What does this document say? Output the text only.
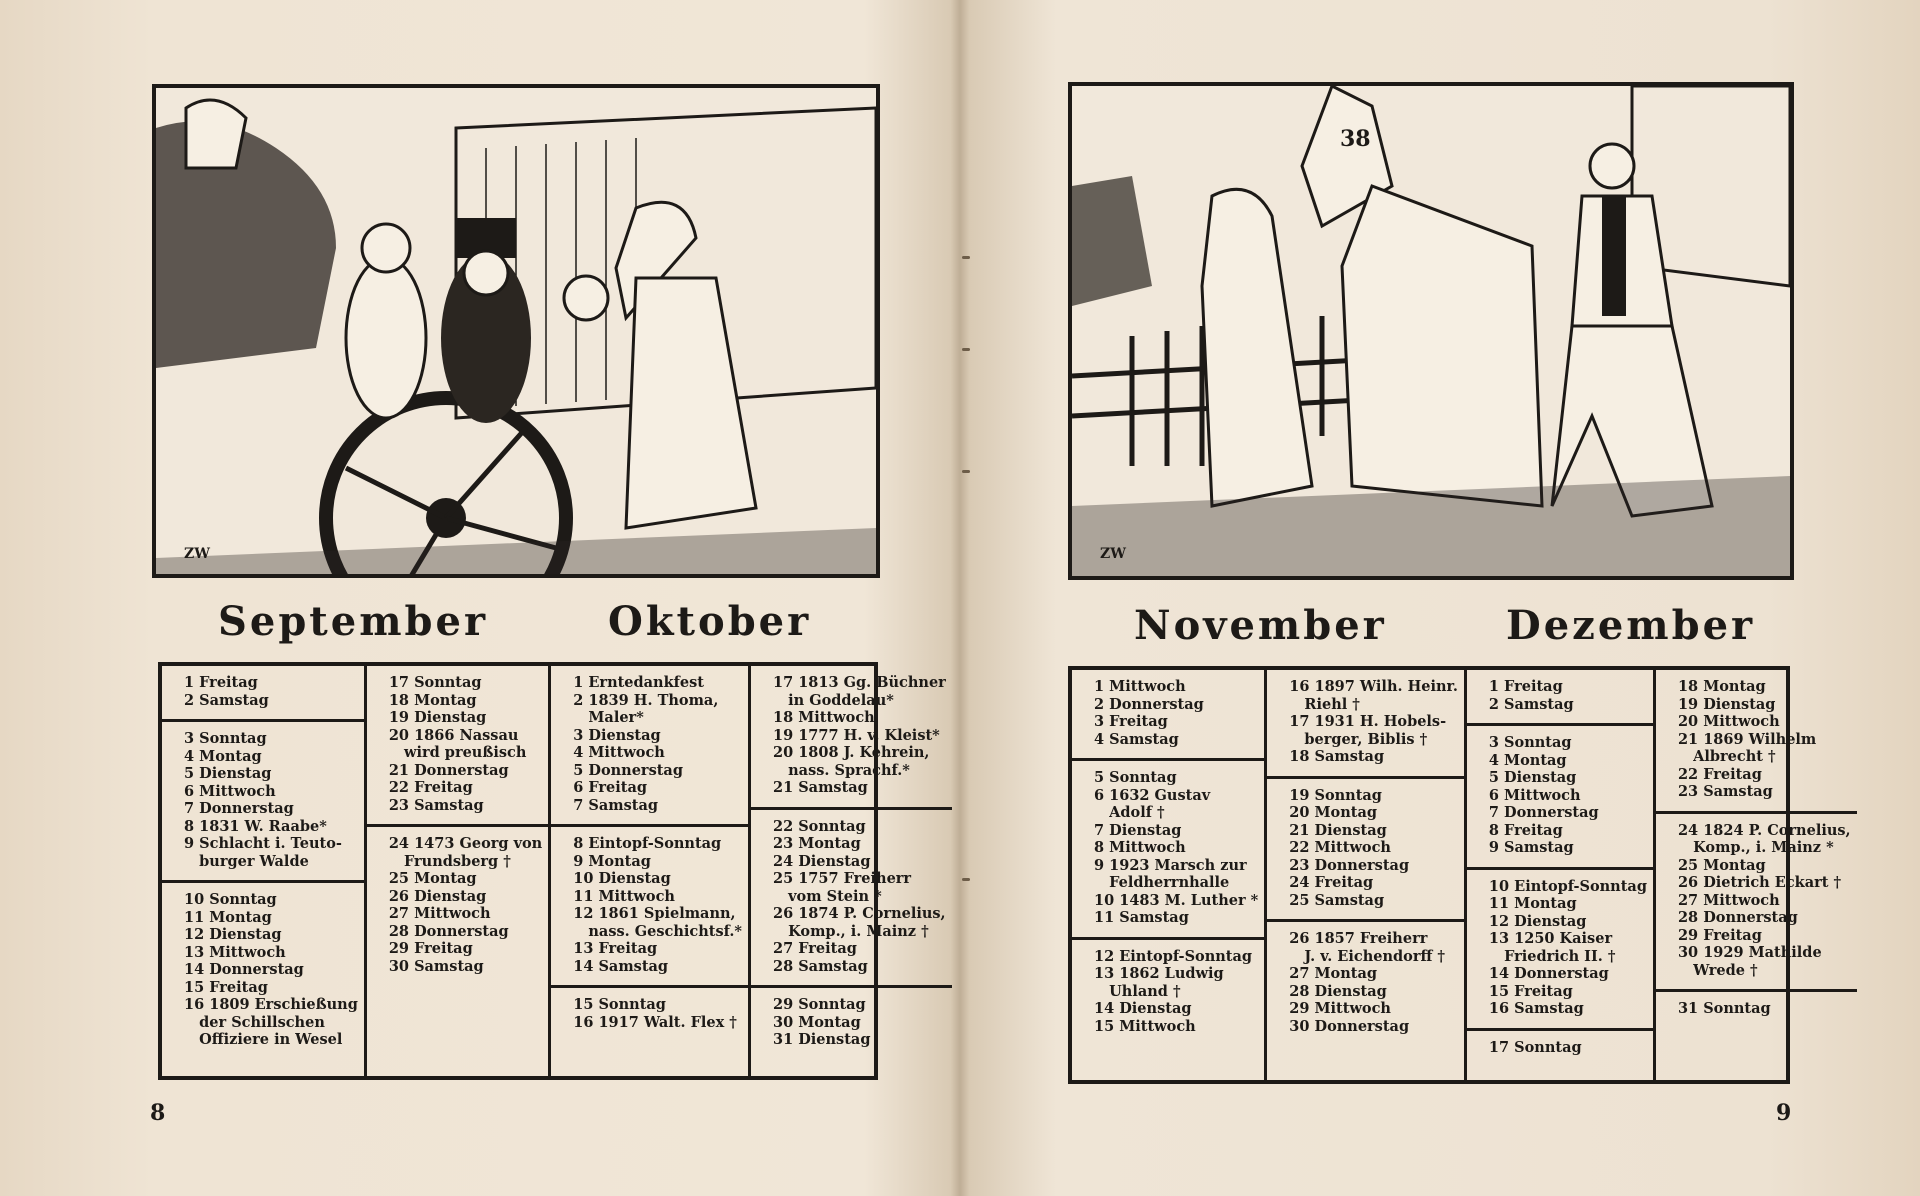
ZW
September	Oktober
1 Freitag
2 Samstag
3 Sonntag
4 Montag
5 Dienstag
6 Mittwoch
7 Donnerstag
8 1831 W. Raabe*
9 Schlacht i. Teuto-
burger Walde
10 Sonntag
11 Montag
12 Dienstag
13 Mittwoch
14 Donnerstag
15 Freitag
16 1809 Erschießung
der Schillschen
Offiziere in Wesel
17 Sonntag
18 Montag
19 Dienstag
20 1866 Nassau
wird preußisch
21 Donnerstag
22 Freitag
23 Samstag
24 1473 Georg von
Frundsberg †
25 Montag
26 Dienstag
27 Mittwoch
28 Donnerstag
29 Freitag
30 Samstag
1 Erntedankfest
2 1839 H. Thoma,
Maler*
3 Dienstag
4 Mittwoch
5 Donnerstag
6 Freitag
7 Samstag
8 Eintopf-Sonntag
9 Montag
10 Dienstag
11 Mittwoch
12 1861 Spielmann,
nass. Geschichtsf.*
13 Freitag
14 Samstag
15 Sonntag
16 1917 Walt. Flex †
17 1813 Gg. Büchner
in Goddelau*
18 Mittwoch
19 1777 H. v. Kleist*
20 1808 J. Kehrein,
nass. Sprachf.*
21 Samstag
22 Sonntag
23 Montag
24 Dienstag
25 1757 Freiherr
vom Stein *
26 1874 P. Cornelius,
Komp., i. Mainz †
27 Freitag
28 Samstag
29 Sonntag
30 Montag
31 Dienstag
8
38
ZW
November	Dezember
1 Mittwoch
2 Donnerstag
3 Freitag
4 Samstag
5 Sonntag
6 1632 Gustav
Adolf †
7 Dienstag
8 Mittwoch
9 1923 Marsch zur
Feldherrnhalle
10 1483 M. Luther *
11 Samstag
12 Eintopf-Sonntag
13 1862 Ludwig
Uhland †
14 Dienstag
15 Mittwoch
16 1897 Wilh. Heinr.
Riehl †
17 1931 H. Hobels-
berger, Biblis †
18 Samstag
19 Sonntag
20 Montag
21 Dienstag
22 Mittwoch
23 Donnerstag
24 Freitag
25 Samstag
26 1857 Freiherr
J. v. Eichendorff †
27 Montag
28 Dienstag
29 Mittwoch
30 Donnerstag
1 Freitag
2 Samstag
3 Sonntag
4 Montag
5 Dienstag
6 Mittwoch
7 Donnerstag
8 Freitag
9 Samstag
10 Eintopf-Sonntag
11 Montag
12 Dienstag
13 1250 Kaiser
Friedrich II. †
14 Donnerstag
15 Freitag
16 Samstag
17 Sonntag
18 Montag
19 Dienstag
20 Mittwoch
21 1869 Wilhelm
Albrecht †
22 Freitag
23 Samstag
24 1824 P. Cornelius,
Komp., i. Mainz *
25 Montag
26 Dietrich Eckart †
27 Mittwoch
28 Donnerstag
29 Freitag
30 1929 Mathilde
Wrede †
31 Sonntag
9
